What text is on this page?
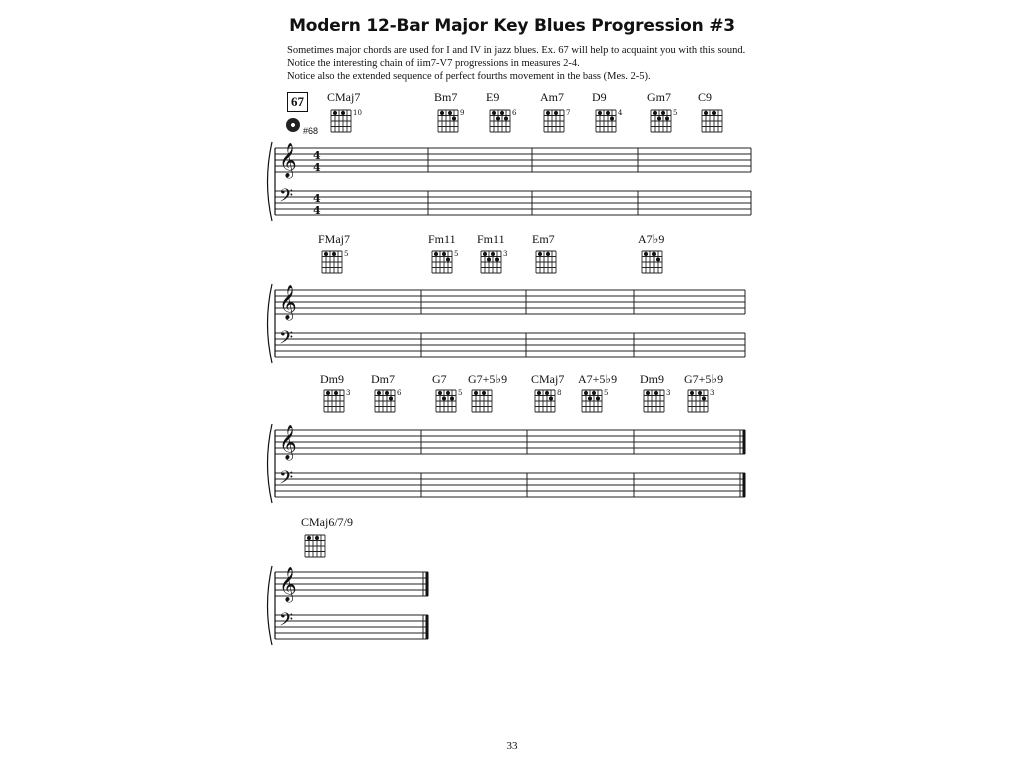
Modern 12-Bar Major Key Blues Progression #3
Sometimes major chords are used for I and IV in jazz blues. Ex. 67 will help to acquaint you with this sound.
Notice the interesting chain of iim7-V7 progressions in measures 2-4.
Notice also the extended sequence of perfect fourths movement in the bass (Mes. 2-5).
67
#68
CMaj7	Bm7 E9	Am7 D9	Gm7 C9
FMaj7	Fm11 Fm11 Em7	A7♭9
Dm9 Dm7	G7 G7+5♭9 CMaj7 A7+5♭9 Dm9 G7+5♭9
CMaj6/7/9
10	9	6	7	4	5
𝄞
𝄢
4
4
4
4
5	5	3
𝄞
𝄢
3	6	5	8	5	3	3
𝄞
𝄢
𝄞
𝄢
33
